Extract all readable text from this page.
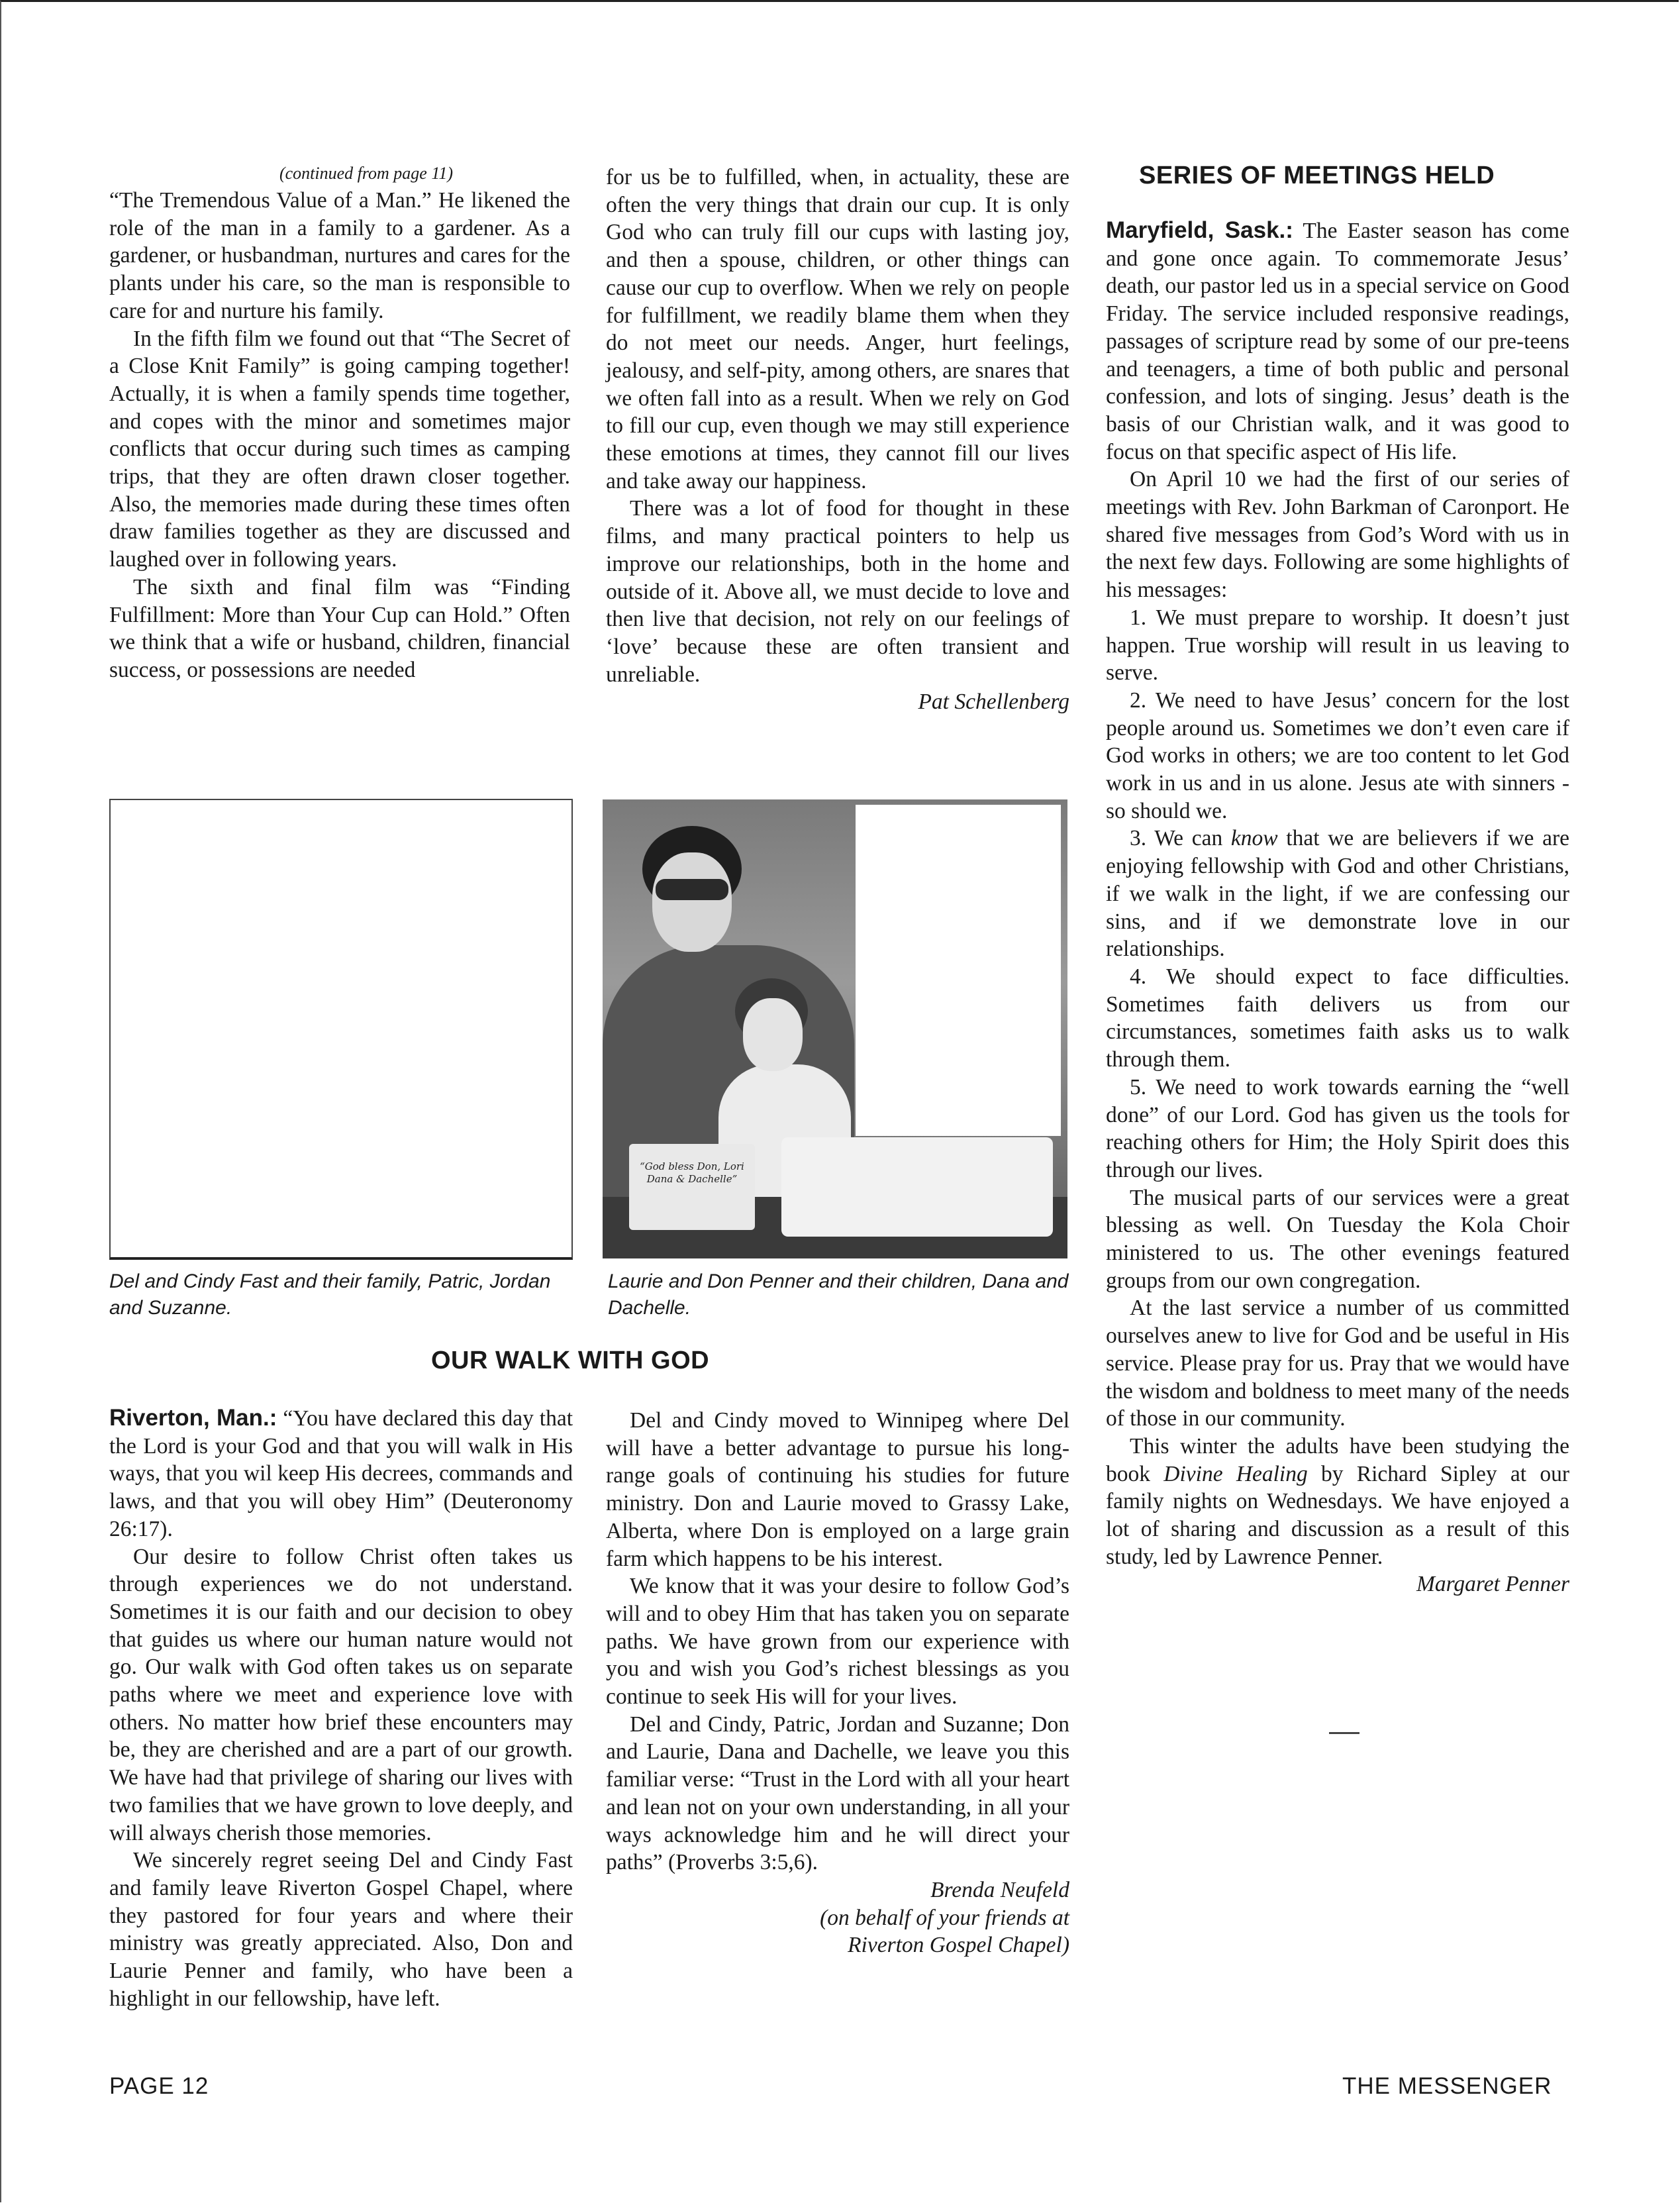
(continued from page 11)

“The Tremendous Value of a Man.” He likened the role of the man in a family to a gardener. As a gardener, or husbandman, nurtures and cares for the plants under his care, so the man is responsible to care for and nurture his family.

In the fifth film we found out that “The Secret of a Close Knit Family” is going camping together! Actually, it is when a family spends time together, and copes with the minor and sometimes major conflicts that occur during such times as camping trips, that they are often drawn closer together. Also, the memories made during these times often draw families together as they are discussed and laughed over in following years.

The sixth and final film was “Finding Fulfillment: More than Your Cup can Hold.” Often we think that a wife or husband, children, financial success, or possessions are needed

for us be to fulfilled, when, in actuality, these are often the very things that drain our cup. It is only God who can truly fill our cups with lasting joy, and then a spouse, children, or other things can cause our cup to overflow. When we rely on people for fulfillment, we readily blame them when they do not meet our needs. Anger, hurt feelings, jealousy, and self-pity, among others, are snares that we often fall into as a result. When we rely on God to fill our cup, even though we may still experience these emotions at times, they cannot fill our lives and take away our happiness.

There was a lot of food for thought in these films, and many practical pointers to help us improve our relationships, both in the home and outside of it. Above all, we must decide to love and then live that decision, not rely on our feelings of ‘love’ because these are often transient and unreliable.

Pat Schellenberg

“God bless Don, Lori Dana & Dachelle”
Del and Cindy Fast and their family, Patric, Jordan and Suzanne.
Laurie and Don Penner and their children, Dana and Dachelle.
OUR WALK WITH GOD

Riverton, Man.: “You have declared this day that the Lord is your God and that you will walk in His ways, that you wil keep His decrees, commands and laws, and that you will obey Him” (Deuteronomy 26:17).

Our desire to follow Christ often takes us through experiences we do not understand. Sometimes it is our faith and our decision to obey that guides us where our human nature would not go. Our walk with God often takes us on separate paths where we meet and experience love with others. No matter how brief these encounters may be, they are cherished and are a part of our growth. We have had that privilege of sharing our lives with two families that we have grown to love deeply, and will always cherish those memories.

We sincerely regret seeing Del and Cindy Fast and family leave Riverton Gospel Chapel, where they pastored for four years and where their ministry was greatly appreciated. Also, Don and Laurie Penner and family, who have been a highlight in our fellowship, have left.

Del and Cindy moved to Winnipeg where Del will have a better advantage to pursue his long-range goals of continuing his studies for future ministry. Don and Laurie moved to Grassy Lake, Alberta, where Don is employed on a large grain farm which happens to be his interest.

We know that it was your desire to follow God’s will and to obey Him that has taken you on separate paths. We have grown from our experience with you and wish you God’s richest blessings as you continue to seek His will for your lives.

Del and Cindy, Patric, Jordan and Suzanne; Don and Laurie, Dana and Dachelle, we leave you this familiar verse: “Trust in the Lord with all your heart and lean not on your own understanding, in all your ways acknowledge him and he will direct your paths” (Proverbs 3:5,6).

Brenda Neufeld

(on behalf of your friends at

Riverton Gospel Chapel)

SERIES OF MEETINGS HELD

Maryfield, Sask.: The Easter season has come and gone once again. To commemorate Jesus’ death, our pastor led us in a special service on Good Friday. The service included responsive readings, passages of scripture read by some of our pre-teens and teenagers, a time of both public and personal confession, and lots of singing. Jesus’ death is the basis of our Christian walk, and it was good to focus on that specific aspect of His life.

On April 10 we had the first of our series of meetings with Rev. John Barkman of Caronport. He shared five messages from God’s Word with us in the next few days. Following are some highlights of his messages:

1. We must prepare to worship. It doesn’t just happen. True worship will result in us leaving to serve.

2. We need to have Jesus’ concern for the lost people around us. Sometimes we don’t even care if God works in others; we are too content to let God work in us and in us alone. Jesus ate with sinners - so should we.

3. We can know that we are believers if we are enjoying fellowship with God and other Christians, if we walk in the light, if we are confessing our sins, and if we demonstrate love in our relationships.

4. We should expect to face difficulties. Sometimes faith delivers us from our circumstances, sometimes faith asks us to walk through them.

5. We need to work towards earning the “well done” of our Lord. God has given us the tools for reaching others for Him; the Holy Spirit does this through our lives.

The musical parts of our services were a great blessing as well. On Tuesday the Kola Choir ministered to us. The other evenings featured groups from our own congregation.

At the last service a number of us committed ourselves anew to live for God and be useful in His service. Please pray for us. Pray that we would have the wisdom and boldness to meet many of the needs of those in our community.

This winter the adults have been studying the book Divine Healing by Richard Sipley at our family nights on Wednesdays. We have enjoyed a lot of sharing and discussion as a result of this study, led by Lawrence Penner.

Margaret Penner

PAGE 12	THE MESSENGER
